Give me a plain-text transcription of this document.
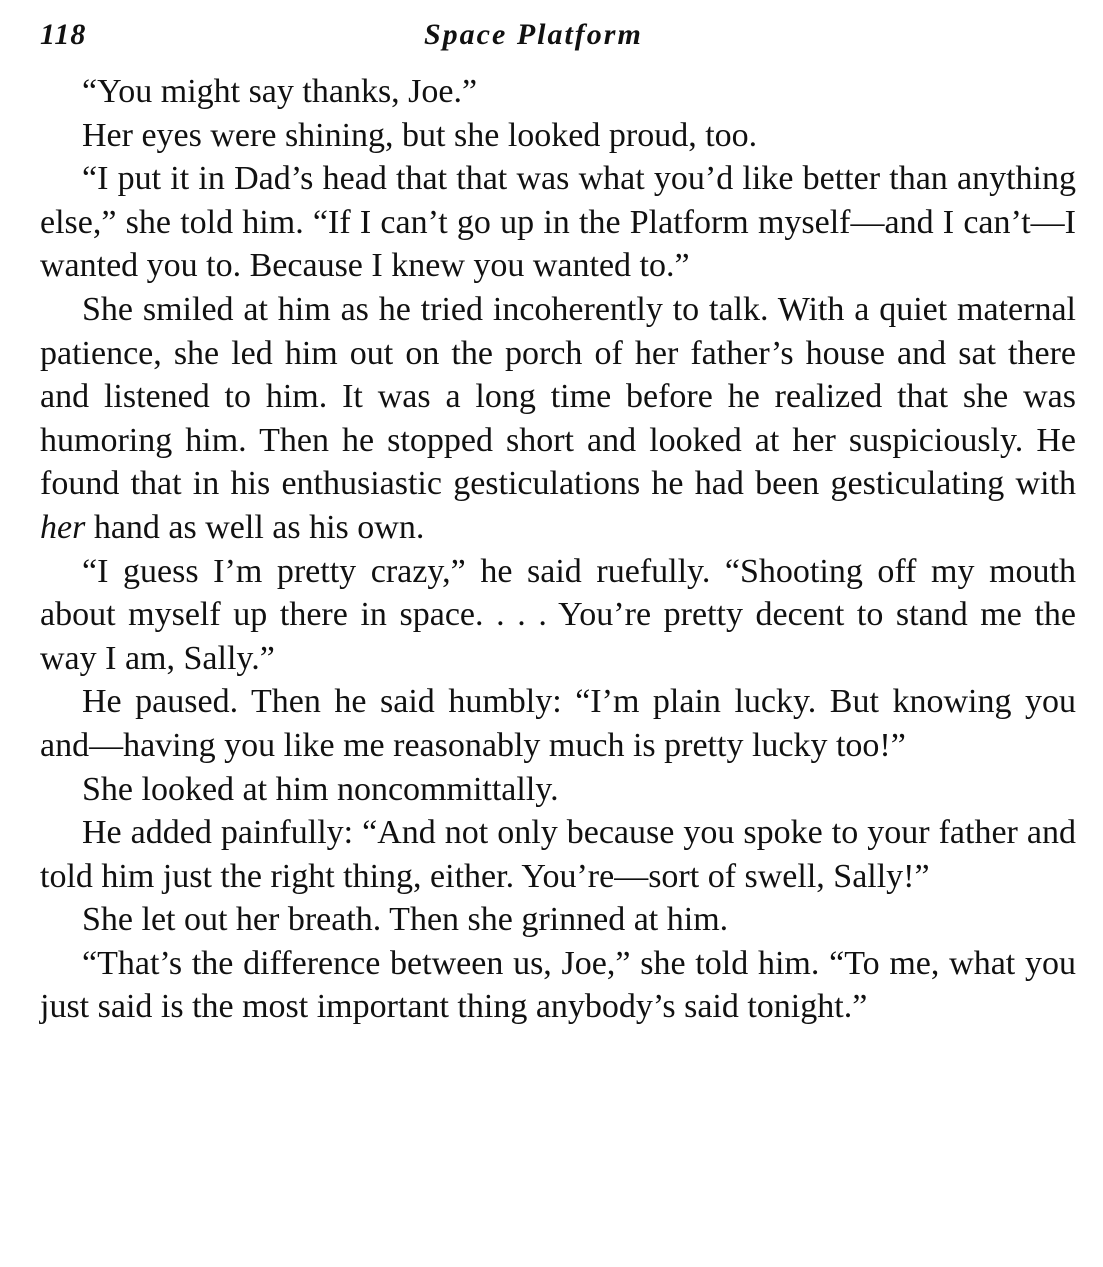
118	Space Platform

“You might say thanks, Joe.”

Her eyes were shining, but she looked proud, too.

“I put it in Dad’s head that that was what you’d like better than anything else,” she told him. “If I can’t go up in the Platform myself—and I can’t—I wanted you to. Because I knew you wanted to.”

She smiled at him as he tried incoherently to talk. With a quiet maternal patience, she led him out on the porch of her father’s house and sat there and listened to him. It was a long time before he realized that she was humoring him. Then he stopped short and looked at her suspiciously. He found that in his enthusiastic gesticulations he had been gesticulating with her hand as well as his own.

“I guess I’m pretty crazy,” he said ruefully. “Shooting off my mouth about myself up there in space. . . . You’re pretty decent to stand me the way I am, Sally.”

He paused. Then he said humbly: “I’m plain lucky. But knowing you and—having you like me reasonably much is pretty lucky too!”

She looked at him noncommittally.

He added painfully: “And not only because you spoke to your father and told him just the right thing, either. You’re—sort of swell, Sally!”

She let out her breath. Then she grinned at him.

“That’s the difference between us, Joe,” she told him. “To me, what you just said is the most important thing anybody’s said tonight.”
